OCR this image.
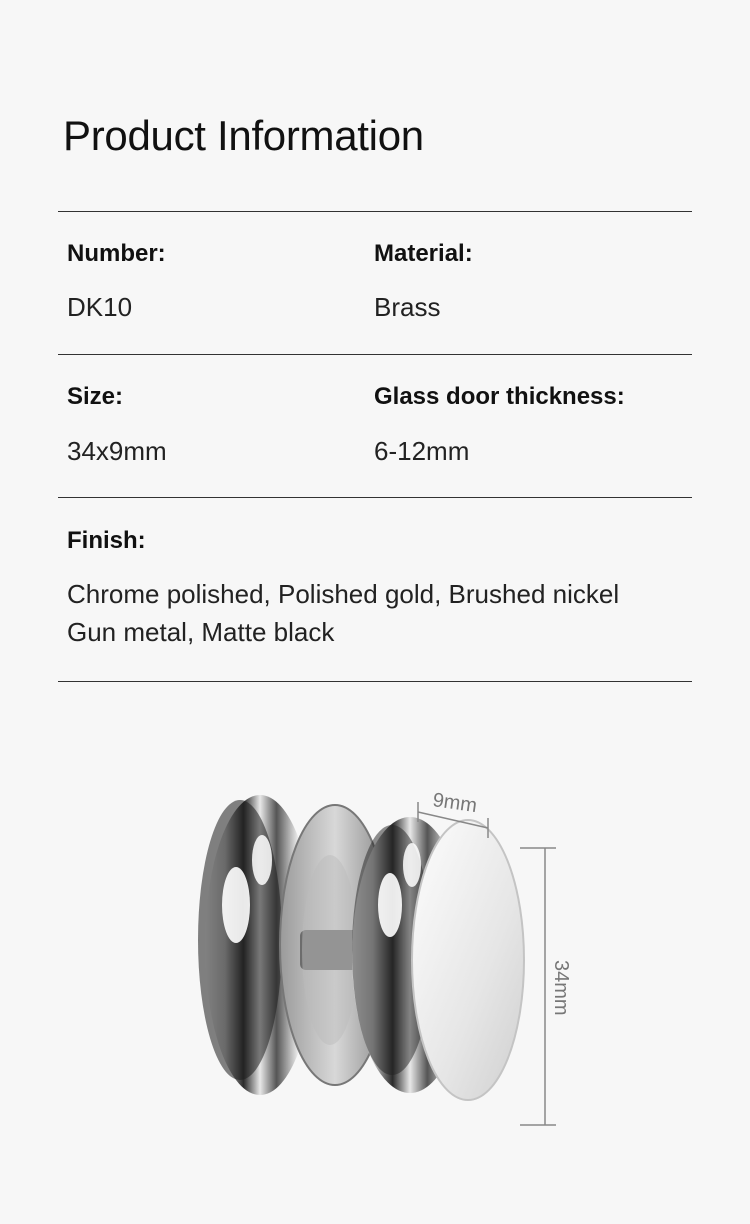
Product Information
Number:
DK10
Material:
Brass
Size:
34x9mm
Glass door thickness:
6-12mm
Finish:
Chrome polished, Polished gold, Brushed nickel
Gun metal, Matte black
9mm
34mm
